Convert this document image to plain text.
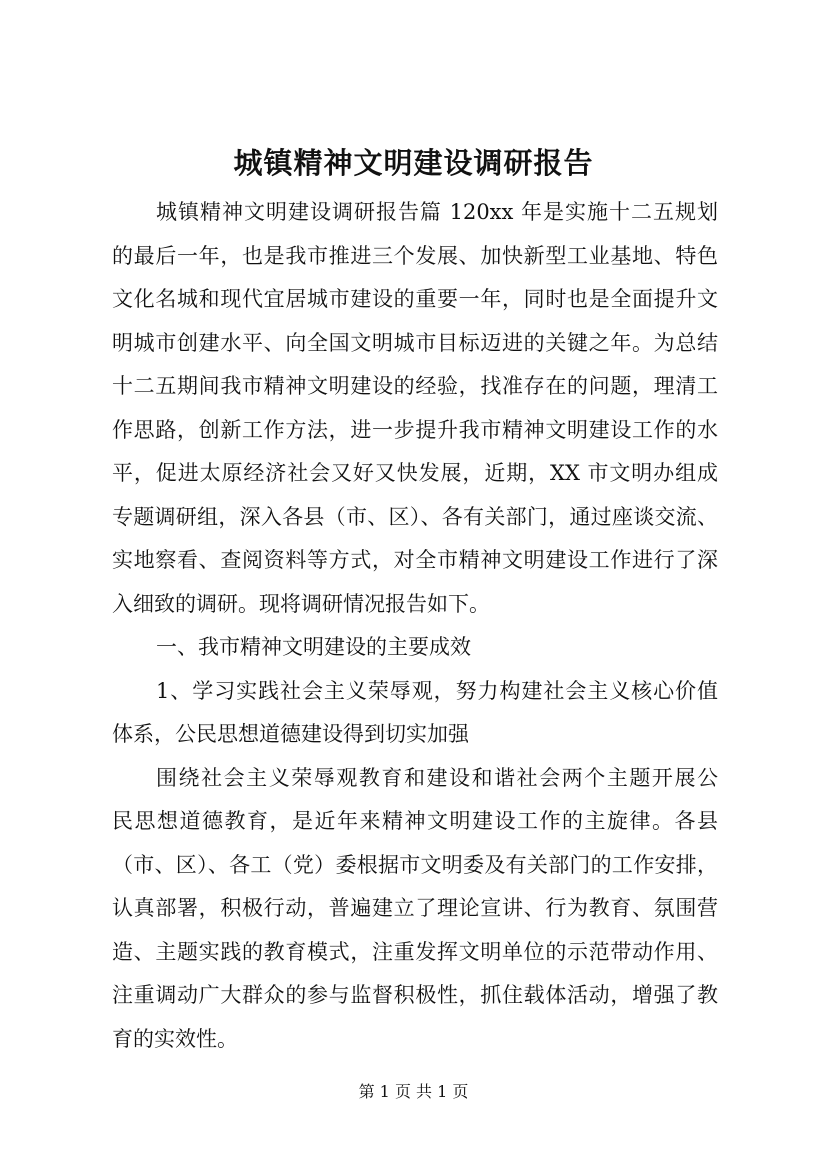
城镇精神文明建设调研报告
城镇精神文明建设调研报告篇 120xx 年是实施十二五规划
的最后一年，也是我市推进三个发展、加快新型工业基地、特色
文化名城和现代宜居城市建设的重要一年，同时也是全面提升文
明城市创建水平、向全国文明城市目标迈进的关键之年。为总结
十二五期间我市精神文明建设的经验，找准存在的问题，理清工
作思路，创新工作方法，进一步提升我市精神文明建设工作的水
平，促进太原经济社会又好又快发展，近期，XX 市文明办组成
专题调研组，深入各县（市、区）、各有关部门，通过座谈交流、
实地察看、查阅资料等方式，对全市精神文明建设工作进行了深
入细致的调研。现将调研情况报告如下。
一、我市精神文明建设的主要成效
1、学习实践社会主义荣辱观，努力构建社会主义核心价值
体系，公民思想道德建设得到切实加强
围绕社会主义荣辱观教育和建设和谐社会两个主题开展公
民思想道德教育，是近年来精神文明建设工作的主旋律。各县
（市、区）、各工（党）委根据市文明委及有关部门的工作安排，
认真部署，积极行动，普遍建立了理论宣讲、行为教育、氛围营
造、主题实践的教育模式，注重发挥文明单位的示范带动作用、
注重调动广大群众的参与监督积极性，抓住载体活动，增强了教
育的实效性。
第 1 页 共 1 页
